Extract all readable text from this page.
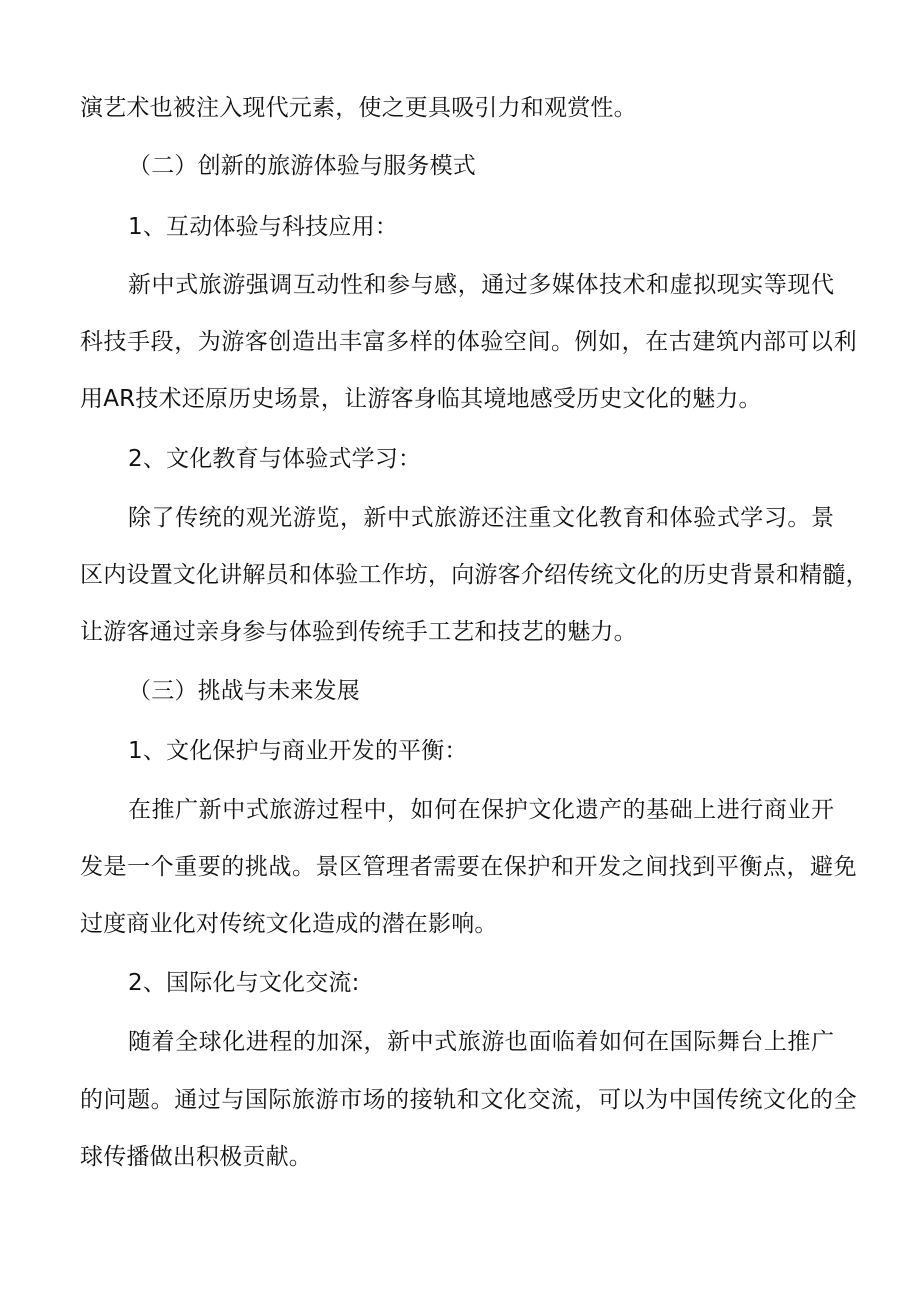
演艺术也被注入现代元素，使之更具吸引力和观赏性。
（二）创新的旅游体验与服务模式
1、互动体验与科技应用：
新中式旅游强调互动性和参与感，通过多媒体技术和虚拟现实等现代
科技手段，为游客创造出丰富多样的体验空间。例如，在古建筑内部可以利
用AR技术还原历史场景，让游客身临其境地感受历史文化的魅力。
2、文化教育与体验式学习：
除了传统的观光游览，新中式旅游还注重文化教育和体验式学习。景
区内设置文化讲解员和体验工作坊，向游客介绍传统文化的历史背景和精髓，
让游客通过亲身参与体验到传统手工艺和技艺的魅力。
（三）挑战与未来发展
1、文化保护与商业开发的平衡：
在推广新中式旅游过程中，如何在保护文化遗产的基础上进行商业开
发是一个重要的挑战。景区管理者需要在保护和开发之间找到平衡点，避免
过度商业化对传统文化造成的潜在影响。
2、国际化与文化交流:
随着全球化进程的加深，新中式旅游也面临着如何在国际舞台上推广
的问题。通过与国际旅游市场的接轨和文化交流，可以为中国传统文化的全
球传播做出积极贡献。
